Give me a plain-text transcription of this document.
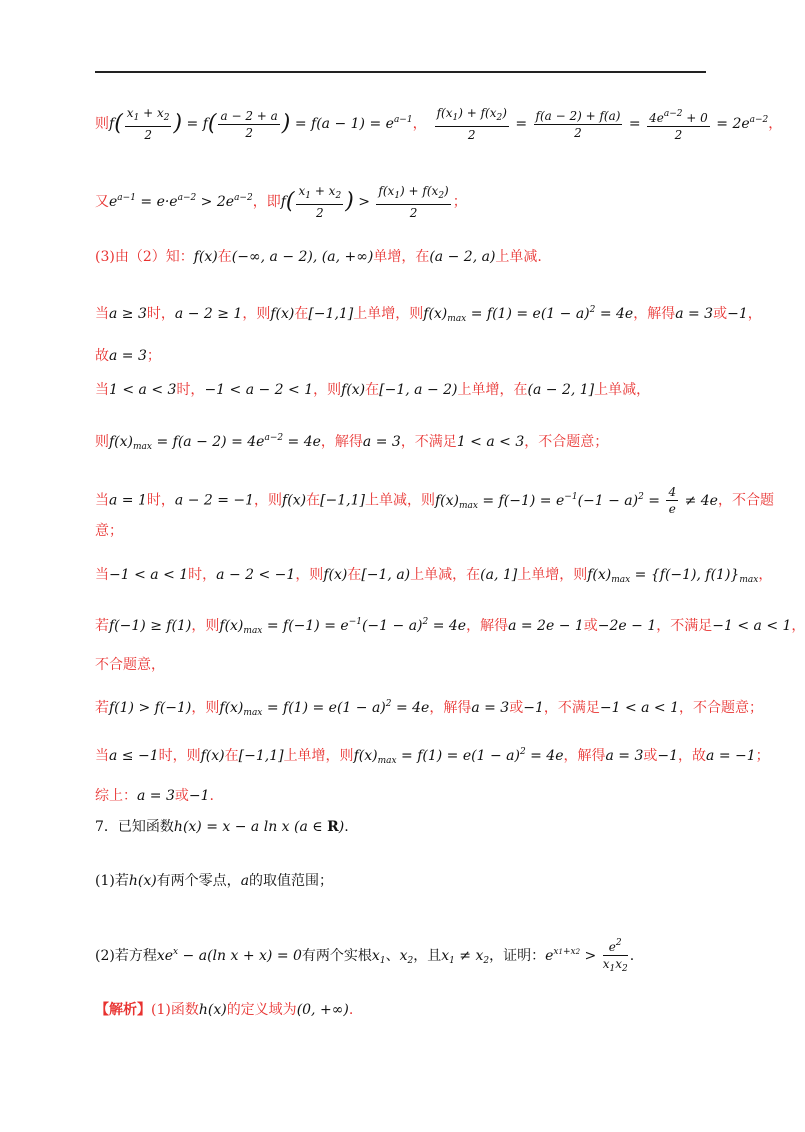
则$f( \frac{x_1 + x_2}{2}$ ) = $f( \frac{a - 2 + a}{2}$ ) = $f(a - 1) = e^{a-1}$， $\frac{f(x_1) + f(x_2)}{2} = \frac{f(a - 2) + f(a)}{2} = \frac{4e^{a-2} + 0}{2} = 2e^{a-2}$，
又$e^{a-1} = e\cdot e^{a-2} > 2e^{a-2}$，即$f( \frac{x_1 + x_2}{2}$ ) > $\frac{f(x_1) + f(x_2)}{2}$ ；
(3)由（2）知：f(x)在(−∞, a − 2), (a, +∞)单增，在(a − 2, a)上单减.
当a ≥ 3时，a − 2 ≥ 1，则f(x)在[−1,1]上单增，则$f(x)_{max} = f(1) = e(1 - a)^2 = 4e$，解得a = 3或−1，
故a = 3；
当1 < a < 3时，−1 < a − 2 < 1，则f(x)在[−1, a − 2)上单增，在(a − 2, 1]上单减，
则$f(x)_{max} = f(a - 2) = 4e^{a-2} = 4e$，解得a = 3，不满足1 < a < 3，不合题意；
当a = 1时，a − 2 = −1，则f(x)在[−1,1]上单减，则$f(x)_{max} = f(-1) = e^{-1}(-1 - a)^2 = \frac{4}{e} \ne 4e$，不合题
意；
当−1 < a < 1时，a − 2 < −1，则f(x)在[−1, a)上单减，在(a, 1]上单增，则$f(x)_{max} = \{f(-1)$, $f(1)\}_{max}$，
若f(−1) ≥ f(1)，则$f(x)_{max} = f(-1) = e^{-1}(-1 - a)^2 = 4e$，解得a = 2e − 1或−2e − 1，不满足−1 < a < 1，
不合题意，
若f(1) > f(−1)，则$f(x)_{max} = f(1) = e(1 - a)^2 = 4e$，解得a = 3或−1，不满足−1 < a < 1，不合题意；
当a ≤ −1时，则f(x)在[−1,1]上单增，则$f(x)_{max} = f(1) = e(1 - a)^2 = 4e$，解得a = 3或−1，故a = −1；
综上：a = 3或−1.
7．已知函数h(x) = x − a ln x (a ∈ R).
(1)若h(x)有两个零点，a的取值范围；
(2)若方程$xe^x - a(\ln$ x + x) = 0有两个实根$x_1$、$x_2$，且$x_1 \ne x_2$，证明：$e^{x1+x2} > \frac{e^2}{x_1x_2}$ .
【解析】(1)函数h(x)的定义域为(0, +∞).
